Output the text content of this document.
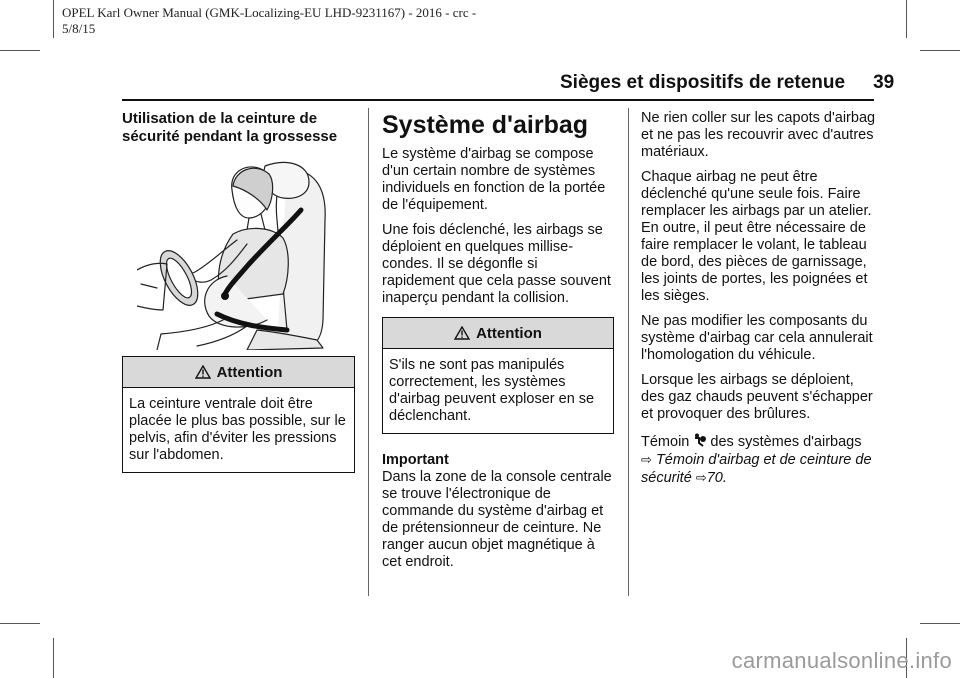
OPEL Karl Owner Manual (GMK-Localizing-EU LHD-9231167) - 2016 - crc -
5/8/15
Sièges et dispositifs de retenue 39
Utilisation de la ceinture de sécurité pendant la grossesse
Attention
La ceinture ventrale doit être placée le plus bas possible, sur le pelvis, afin d'éviter les pressions sur l'abdomen.
Système d'airbag

Le système d'airbag se compose d'un certain nombre de systèmes individuels en fonction de la portée de l'équipement.

Une fois déclenché, les airbags se déploient en quelques millise-condes. Il se dégonfle si rapidement que cela passe souvent inaperçu pendant la collision.

Attention
S'ils ne sont pas manipulés correctement, les systèmes d'airbag peuvent exploser en se déclenchant.
Important

Dans la zone de la console centrale se trouve l'électronique de commande du système d'airbag et de prétensionneur de ceinture. Ne ranger aucun objet magnétique à cet endroit.

Ne rien coller sur les capots d'airbag et ne pas les recouvrir avec d'autres matériaux.

Chaque airbag ne peut être déclenché qu'une seule fois. Faire remplacer les airbags par un atelier. En outre, il peut être nécessaire de faire remplacer le volant, le tableau de bord, des pièces de garnissage, les joints de portes, les poignées et les sièges.

Ne pas modifier les composants du système d'airbag car cela annulerait l'homologation du véhicule.

Lorsque les airbags se déploient, des gaz chauds peuvent s'échapper et provoquer des brûlures.

Témoin des systèmes d'airbags
⇨ Témoin d'airbag et de ceinture de sécurité ⇨70.

carmanualsonline.info
